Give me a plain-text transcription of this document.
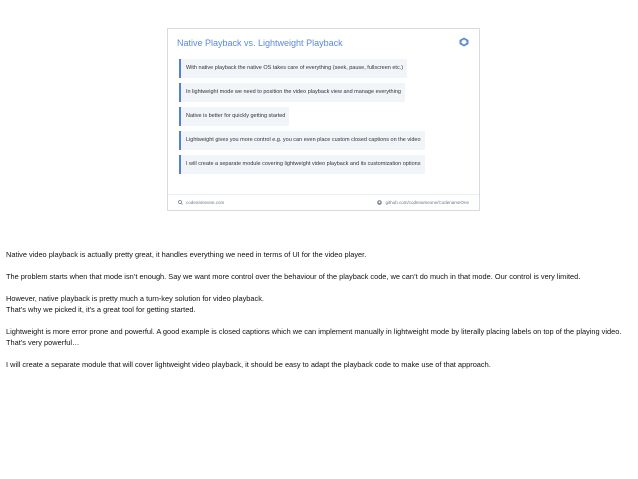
Native Playback vs. Lightweight Playback
With native playback the native OS takes care of everything (seek, pause, fullscreen etc.)
In lightweight mode we need to position the video playback view and manage everything
Native is better for quickly getting started
Lightweight gives you more control e.g. you can even place custom closed captions on the video
I will create a separate module covering lightweight video playback and its customization options
codenameone.com	github.com/codenameone/CodenameOne

Native video playback is actually pretty great, it handles everything we need in terms of UI for the video player.

The problem starts when that mode isn’t enough. Say we want more control over the behaviour of the playback code, we can’t do much in that mode. Our control is very limited.

However, native playback is pretty much a turn-key solution for video playback.

That’s why we picked it, it’s a great tool for getting started.

Lightweight is more error prone and powerful. A good example is closed captions which we can implement manually in lightweight mode by literally placing labels on top of the playing video. That’s very powerful…

I will create a separate module that will cover lightweight video playback, it should be easy to adapt the playback code to make use of that approach.
